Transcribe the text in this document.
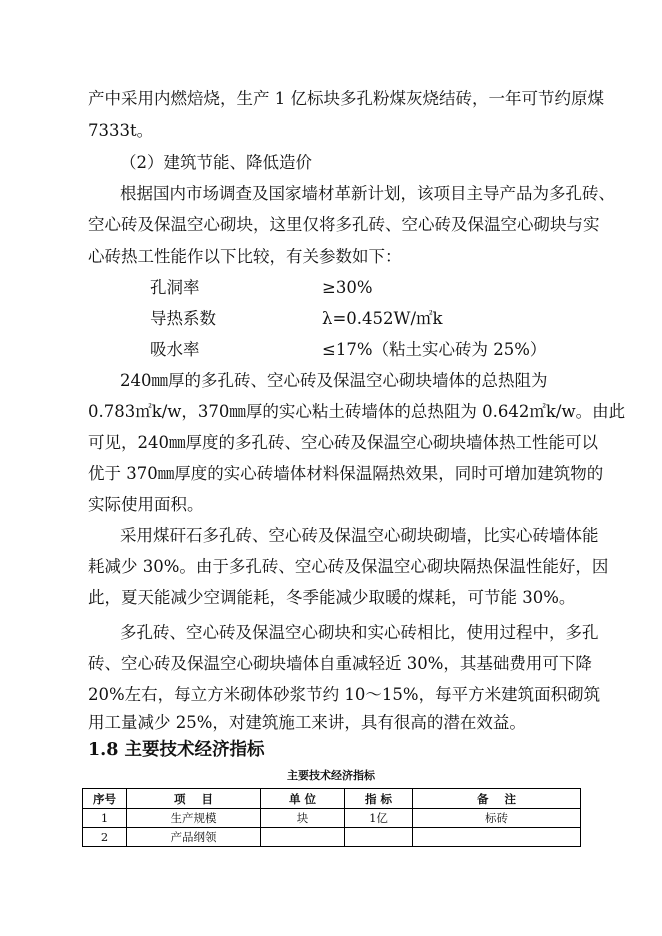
产中采用内燃焙烧，生产 1 亿标块多孔粉煤灰烧结砖，一年可节约原煤
7333t。
（2）建筑节能、降低造价
根据国内市场调查及国家墙材革新计划，该项目主导产品为多孔砖、
空心砖及保温空心砌块，这里仅将多孔砖、空心砖及保温空心砌块与实
心砖热工性能作以下比较，有关参数如下：
孔洞率	≥30%
导热系数	λ=0.452W/㎡k
吸水率	≤17%（粘土实心砖为 25%）
240㎜厚的多孔砖、空心砖及保温空心砌块墙体的总热阻为
0.783㎡k/w，370㎜厚的实心粘土砖墙体的总热阻为 0.642㎡k/w。由此
可见，240㎜厚度的多孔砖、空心砖及保温空心砌块墙体热工性能可以
优于 370㎜厚度的实心砖墙体材料保温隔热效果，同时可增加建筑物的
实际使用面积。
采用煤矸石多孔砖、空心砖及保温空心砌块砌墙，比实心砖墙体能
耗减少 30%。由于多孔砖、空心砖及保温空心砌块隔热保温性能好，因
此，夏天能减少空调能耗，冬季能减少取暖的煤耗，可节能 30%。
多孔砖、空心砖及保温空心砌块和实心砖相比，使用过程中，多孔
砖、空心砖及保温空心砌块墙体自重减轻近 30%，其基础费用可下降
20%左右，每立方米砌体砂浆节约 10～15%，每平方米建筑面积砌筑
用工量减少 25%，对建筑施工来讲，具有很高的潜在效益。
1.8 主要技术经济指标
主要技术经济指标
序号	项    目	单 位	指 标	备    注
1	生产规模	块	1亿	标砖
2	产品纲领			
